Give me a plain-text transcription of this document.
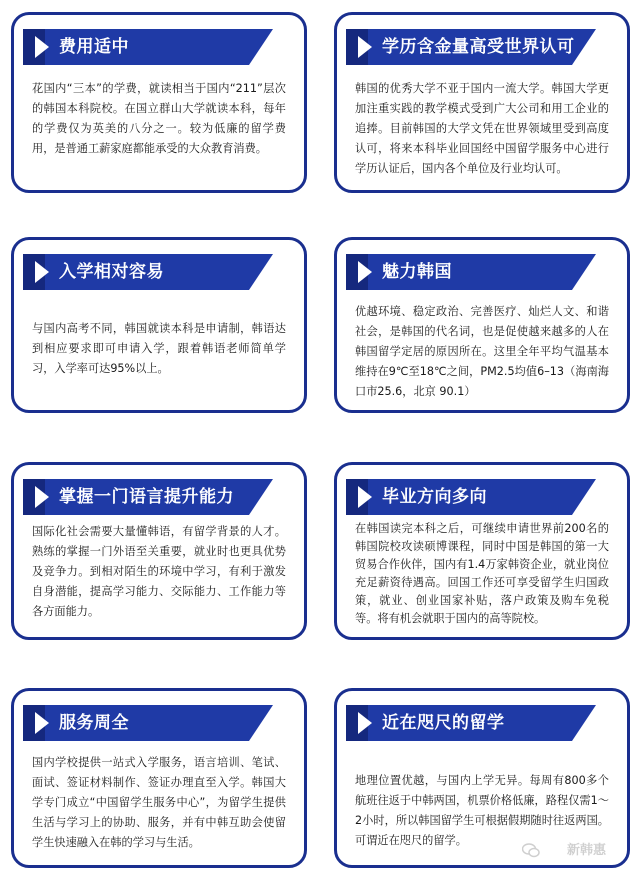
费用适中
花国内“三本”的学费，就读相当于国内“211”层次的韩国本科院校。在国立群山大学就读本科，每年的学费仅为英美的八分之一。较为低廉的留学费用，是普通工薪家庭都能承受的大众教育消费。
学历含金量高受世界认可
韩国的优秀大学不亚于国内一流大学。韩国大学更加注重实践的教学模式受到广大公司和用工企业的追捧。目前韩国的大学文凭在世界领域里受到高度认可，将来本科毕业回国经中国留学服务中心进行学历认证后，国内各个单位及行业均认可。
入学相对容易
与国内高考不同，韩国就读本科是申请制，韩语达到相应要求即可申请入学，跟着韩语老师简单学习，入学率可达95%以上。
魅力韩国
优越环境、稳定政治、完善医疗、灿烂人文、和谐社会，是韩国的代名词，也是促使越来越多的人在韩国留学定居的原因所在。这里全年平均气温基本维持在9℃至18℃之间，PM2.5均值6–13（海南海口市25.6，北京 90.1）
掌握一门语言提升能力
国际化社会需要大量懂韩语，有留学背景的人才。熟练的掌握一门外语至关重要，就业时也更具优势及竞争力。到相对陌生的环境中学习，有利于激发自身潜能，提高学习能力、交际能力、工作能力等各方面能力。
毕业方向多向
在韩国读完本科之后，可继续申请世界前200名的韩国院校攻读硕博课程，同时中国是韩国的第一大贸易合作伙伴，国内有1.4万家韩资企业，就业岗位充足薪资待遇高。回国工作还可享受留学生归国政策，就业、创业国家补贴，落户政策及购车免税等。将有机会就职于国内的高等院校。
服务周全
国内学校提供一站式入学服务，语言培训、笔试、面试、签证材料制作、签证办理直至入学。韩国大学专门成立“中国留学生服务中心”，为留学生提供生活与学习上的协助、服务，并有中韩互助会使留学生快速融入在韩的学习与生活。
近在咫尺的留学
地理位置优越，与国内上学无异。每周有800多个航班往返于中韩两国，机票价格低廉，路程仅需1～2小时，所以韩国留学生可根据假期随时往返两国。可谓近在咫尺的留学。
新韩惠
